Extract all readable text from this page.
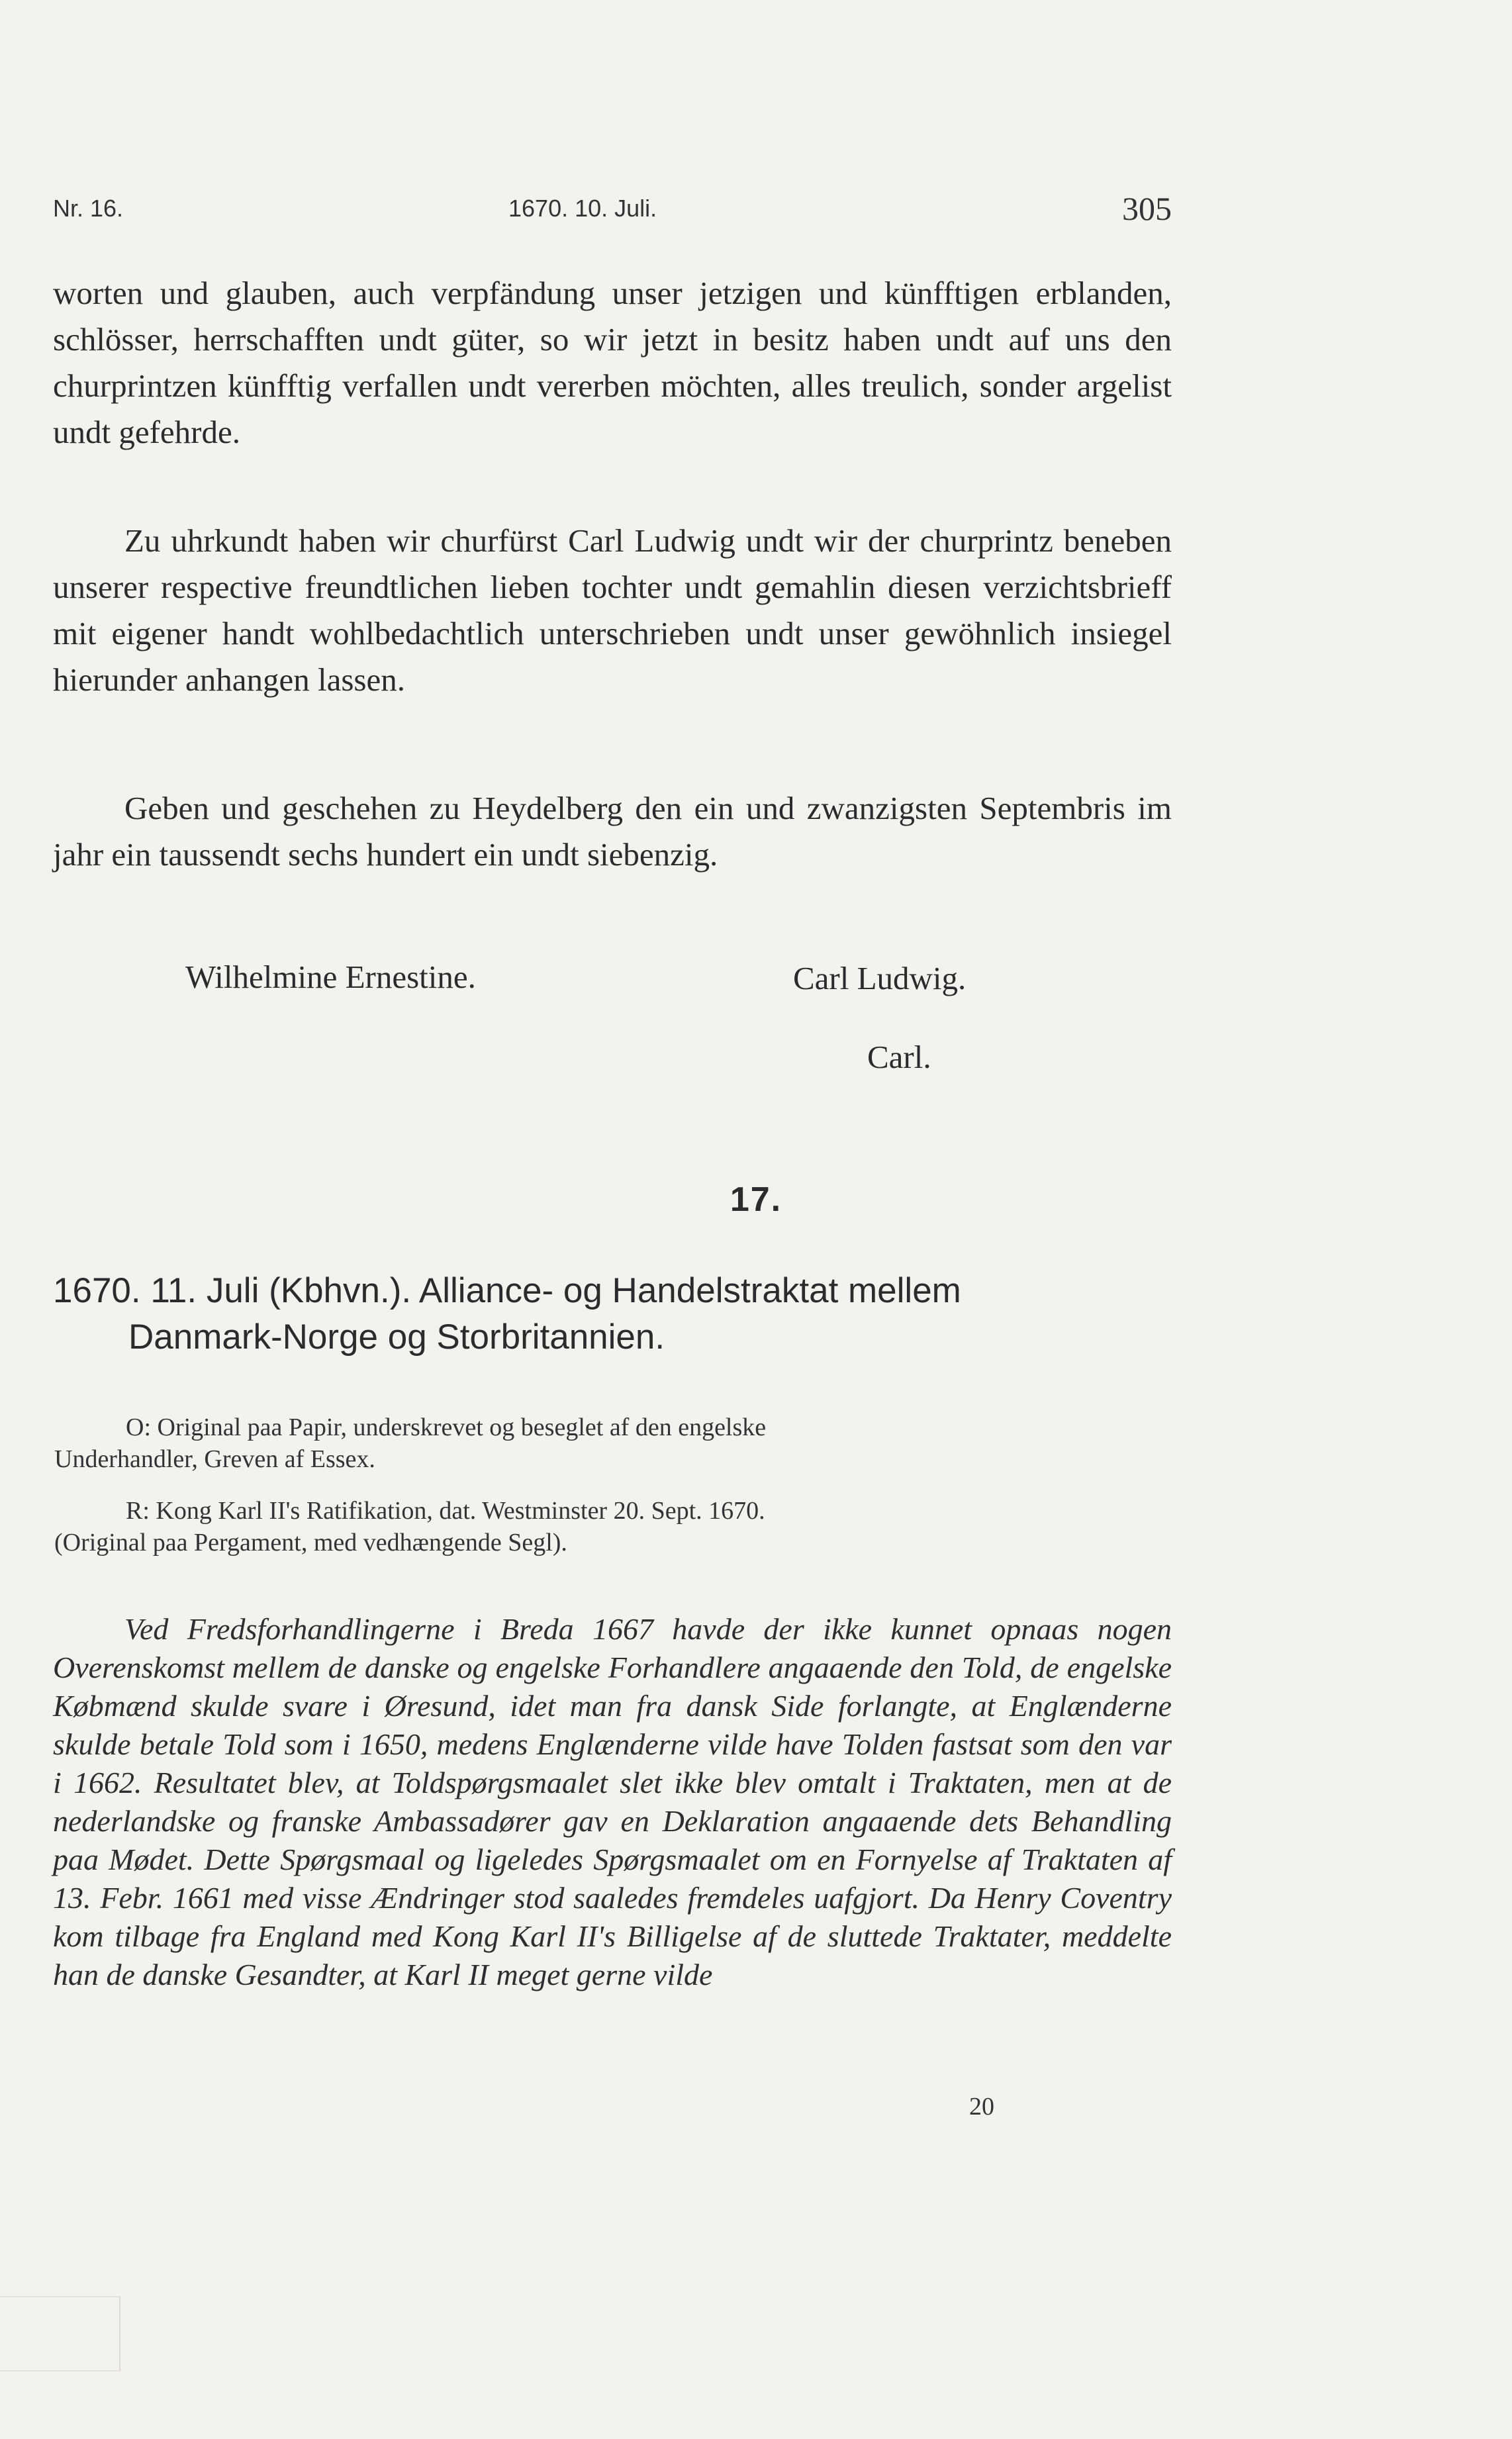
Nr. 16.	1670. 10. Juli.	305

worten und glauben, auch verpfändung unser jetzigen und künfftigen erblanden, schlösser, herrschafften undt güter, so wir jetzt in besitz haben undt auf uns den churprintzen künfftig verfallen undt vererben möchten, alles treulich, sonder argelist undt gefehrde.

Zu uhrkundt haben wir churfürst Carl Ludwig undt wir der churprintz beneben unserer respective freundtlichen lieben tochter undt gemahlin diesen verzichtsbrieff mit eigener handt wohlbedachtlich unterschrieben undt unser gewöhnlich insiegel hierunder anhangen lassen.

Geben und geschehen zu Heydelberg den ein und zwanzigsten Septembris im jahr ein taussendt sechs hundert ein undt siebenzig.

Wilhelmine Ernestine.	Carl Ludwig.
Carl.
17.
1670. 11. Juli (Kbhvn.). Alliance- og Handelstraktat mellem
Danmark-Norge og Storbritannien.
O: Original paa Papir, underskrevet og beseglet af den engelske
Underhandler, Greven af Essex.
R: Kong Karl II's Ratifikation, dat. Westminster 20. Sept. 1670.
(Original paa Pergament, med vedhængende Segl).

Ved Fredsforhandlingerne i Breda 1667 havde der ikke kunnet opnaas nogen Overenskomst mellem de danske og engelske Forhandlere angaaende den Told, de engelske Købmænd skulde svare i Øresund, idet man fra dansk Side forlangte, at Englænderne skulde betale Told som i 1650, medens Englænderne vilde have Tolden fastsat som den var i 1662. Resultatet blev, at Toldspørgsmaalet slet ikke blev omtalt i Traktaten, men at de nederlandske og franske Ambassadører gav en Deklaration angaaende dets Behandling paa Mødet. Dette Spørgsmaal og ligeledes Spørgsmaalet om en Fornyelse af Traktaten af 13. Febr. 1661 med visse Ændringer stod saaledes fremdeles uafgjort. Da Henry Coventry kom tilbage fra England med Kong Karl II's Billigelse af de sluttede Traktater, meddelte han de danske Gesandter, at Karl II meget gerne vilde

20
